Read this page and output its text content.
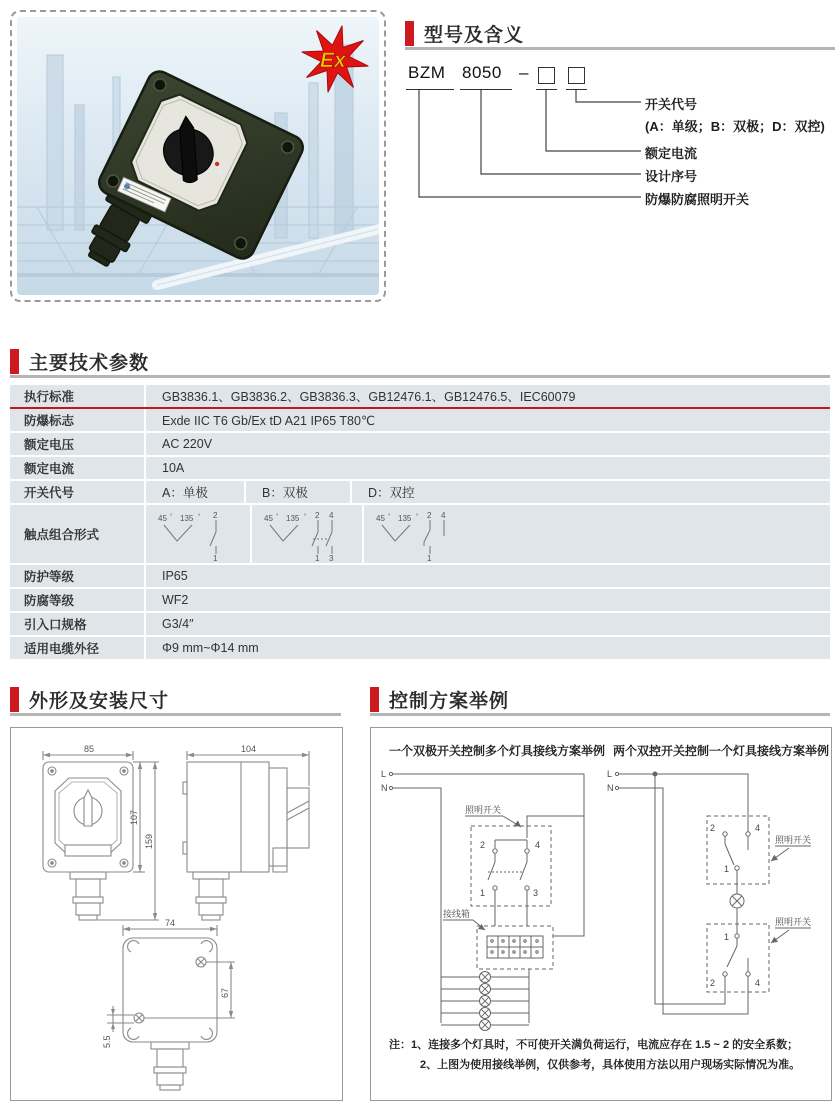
Ex
型号及含义
BZM 8050 –
开关代号
(A：单级；B：双极；D：双控)
额定电流
设计序号
防爆防腐照明开关
主要技术参数
执行标准	GB3836.1、GB3836.2、GB3836.3、GB12476.1、GB12476.5、IEC60079
防爆标志	Exde IIC T6 Gb/Ex tD A21 IP65 T80℃
额定电压	AC 220V
额定电流	10A
开关代号	A：单极	B：双极	D：双控
触点组合形式
45 ° 135 ° 2
1
45 ° 135 ° 2 4
1 3
45 ° 135 ° 2 4
1
防护等级	IP65
防腐等级	WF2
引入口规格	G3/4″
适用电缆外径	Φ9 mm~Φ14 mm
外形及安装尺寸
85
107
159
104
74
67
5.5
控制方案举例
一个双极开关控制多个灯具接线方案举例 两个双控开关控制一个灯具接线方案举例
L
N
照明开关
接线箱
2	4
1	3
L
N
2	4
1
1
2	4
照明开关
照明开关
注：1、连接多个灯具时，不可使开关满负荷运行，电流应存在 1.5 ~ 2 的安全系数；
2、上图为使用接线举例，仅供参考，具体使用方法以用户现场实际情况为准。
